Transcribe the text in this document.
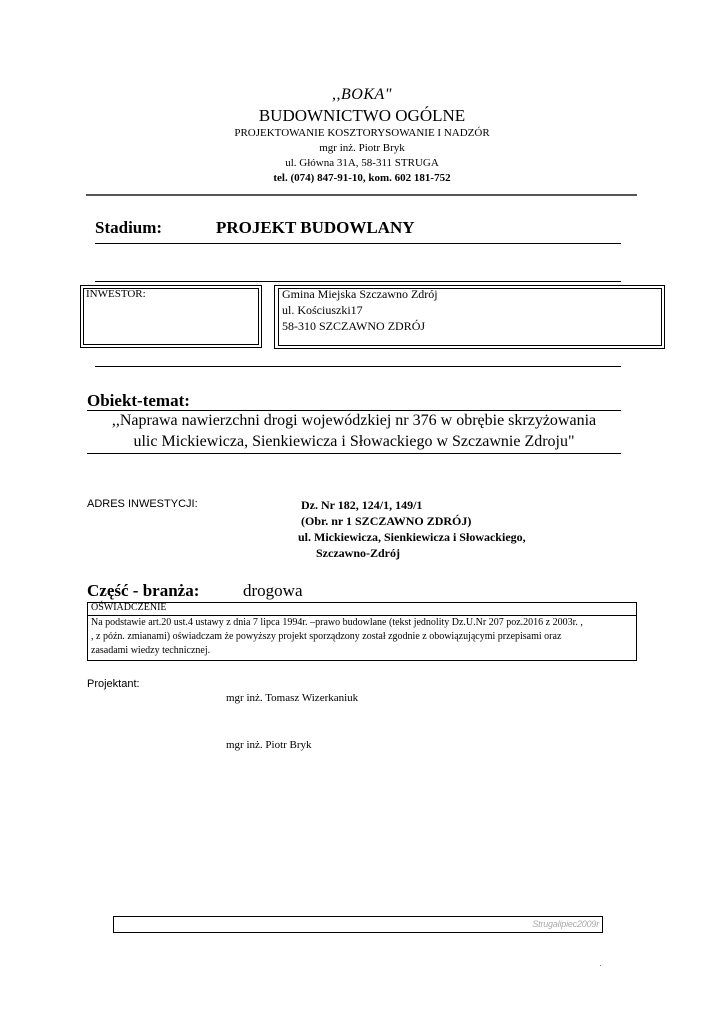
,,BOKA"
BUDOWNICTWO OGÓLNE
PROJEKTOWANIE KOSZTORYSOWANIE I NADZÓR
mgr inż. Piotr Bryk
ul. Główna 31A, 58-311 STRUGA
tel. (074) 847-91-10, kom. 602 181-752
Stadium:	PROJEKT BUDOWLANY
INWESTOR:	Gmina Miejska Szczawno Zdrój
ul. Kościuszki17
58-310 SZCZAWNO ZDRÓJ
Obiekt-temat:
,,Naprawa nawierzchni drogi wojewódzkiej nr 376 w obrębie skrzyżowania
ulic Mickiewicza, Sienkiewicza i Słowackiego w Szczawnie Zdroju"
ADRES INWESTYCJI:	Dz. Nr 182, 124/1, 149/1
(Obr. nr 1 SZCZAWNO ZDRÓJ)
ul. Mickiewicza, Sienkiewicza i Słowackiego,
Szczawno-Zdrój
Część - branża:	drogowa
OŚWIADCZENIE
Na podstawie art.20 ust.4 ustawy z dnia 7 lipca 1994r. –prawo budowlane (tekst jednolity Dz.U.Nr 207 poz.2016 z 2003r. ,
, z późn. zmianami) oświadczam że powyższy projekt sporządzony został zgodnie z obowiązującymi przepisami oraz
zasadami wiedzy technicznej.
Projektant:
mgr inż. Tomasz Wizerkaniuk
mgr inż. Piotr Bryk
Strugalipiec2009r
